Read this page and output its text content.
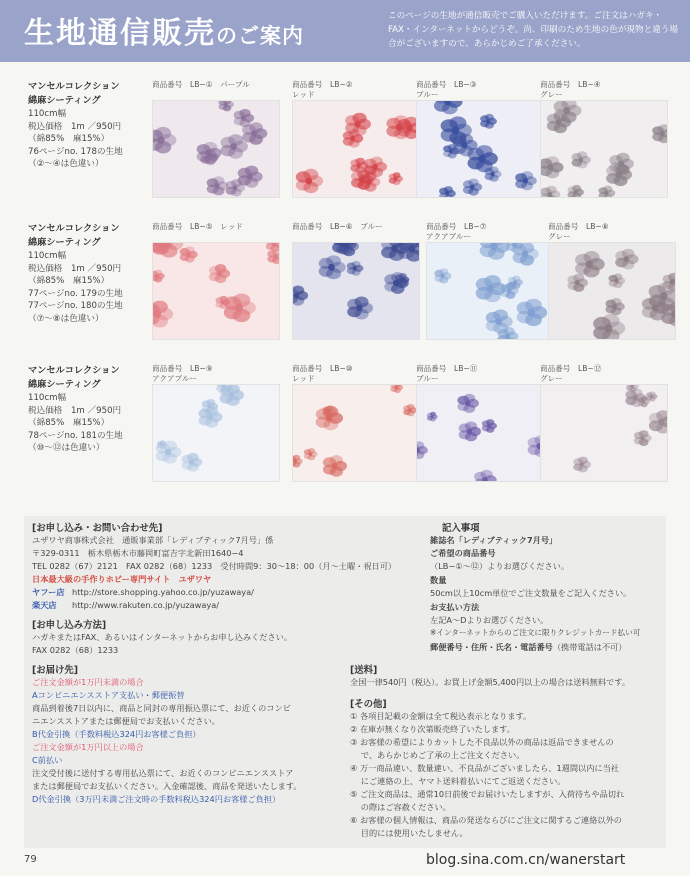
生地通信販売のご案内
このページの生地が通信販売でご購入いただけます。ご注文はハガキ・FAX・インターネットからどうぞ。尚、印刷のため生地の色が現物と違う場合がございますので、あらかじめご了承ください。
マンセルコレクション
綿麻シーティング
110cm幅
税込価格　1m ／950円
（綿85%　麻15%）
76ページno. 178の生地
（②〜④は色違い）
商品番号　LB−①　パープル	商品番号　LB−②
レッド
商品番号　LB−③
ブルー
商品番号　LB−④
グレー
マンセルコレクション
綿麻シーティング
110cm幅
税込価格　1m ／950円
（綿85%　麻15%）
77ページno. 179の生地
77ページno. 180の生地
（⑦〜⑧は色違い）
商品番号　LB−⑤　レッド	商品番号　LB−⑥　ブルー	商品番号　LB−⑦
アクアブルー
商品番号　LB−⑧
グレー
マンセルコレクション
綿麻シーティング
110cm幅
税込価格　1m ／950円
（綿85%　麻15%）
78ページno. 181の生地
（⑩〜⑫は色違い）
商品番号　LB−⑨
アクアブルー
商品番号　LB−⑩
レッド
商品番号　LB−⑪
ブルー
商品番号　LB−⑫
グレー
[お申し込み・お問い合わせ先]
ユザワヤ商事株式会社　通販事業部「レディブティック7月号」係
〒329-0311　栃木県栃木市藤岡町富吉字北新田1640−4
TEL 0282（67）2121　FAX 0282（68）1233　受付時間9：30〜18：00（月〜土曜・祝日可）
日本最大級の手作りホビー専門サイト　ユザワヤ
ヤフー店 http://store.shopping.yahoo.co.jp/yuzawaya/
楽天店 http://www.rakuten.co.jp/yuzawaya/
[お申し込み方法]
ハガキまたはFAX、あるいはインターネットからお申し込みください。
FAX 0282（68）1233
[お届け先]
ご注文金額が1万円未満の場合
Aコンビニエンスストア支払い・郵便振替
商品到着後7日以内に、商品と同封の専用振込票にて、お近くのコンビ
ニエンスストアまたは郵便局でお支払いください。
B代金引換（手数料税込324円お客様ご負担）
ご注文金額が1万円以上の場合
C前払い
注文受付後に送付する専用払込票にて、お近くのコンビニエンスストア
または郵便局でお支払いください。入金確認後、商品を発送いたします。
D代金引換（3万円未満ご注文時の手数料税込324円お客様ご負担）
記入事項
雑誌名「レディブティック7月号」
ご希望の商品番号
（LB−①〜⑫）よりお選びください。
数量
50cm以上10cm単位でご注文数量をご記入ください。
お支払い方法
左記A〜Dよりお選びください。
※インターネットからのご注文に限りクレジットカード払い可
郵便番号・住所・氏名・電話番号（携帯電話は不可）
[送料]
全国一律540円（税込）。お買上げ金額5,400円以上の場合は送料無料です。
[その他]
① 各項目記載の金額は全て税込表示となります。
② 在庫が無くなり次第販売終了いたします。
③ お客様の希望によりカットした不良品以外の商品は返品できませんの
　 で、あらかじめご了承の上ご注文ください。
④ 万一商品違い、数量違い、不良品がございましたら、1週間以内に当社
　 にご連絡の上、ヤマト送料着払いにてご返送ください。
⑤ ご注文商品は、通常10日前後でお届けいたしますが、入荷待ちや品切れ
　 の際はご容赦ください。
⑥ お客様の個人情報は、商品の発送ならびにご注文に関するご連絡以外の
　 目的には使用いたしません。
79	blog.sina.com.cn/wanerstart
